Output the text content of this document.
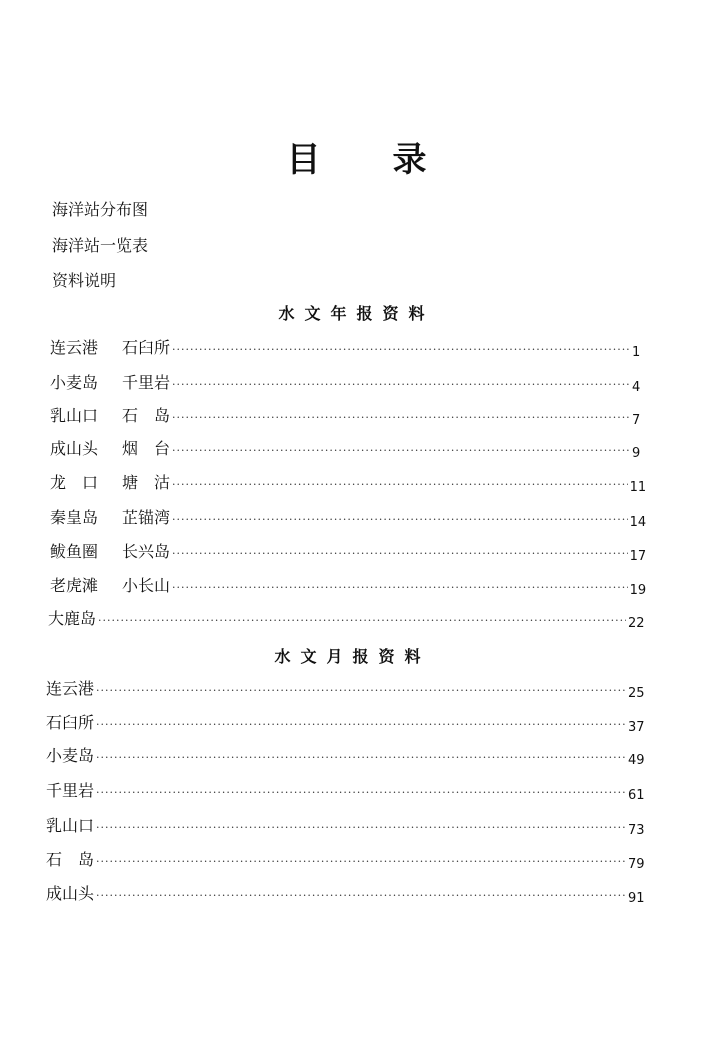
目 录
海洋站分布图
海洋站一览表
资料说明
水文年报资料
连云港 石臼所 ·····	1
小麦岛 千里岩 ·····	4
乳山口 石　岛 ·····	7
成山头 烟　台 ·····	9
龙　口 塘　沽 ·····	11
秦皇岛 芷锚湾 ·····	14
鲅鱼圈 长兴岛 ·····	17
老虎滩 小长山 ·····	19
大鹿岛 ·····	22
水文月报资料
连云港 ·····	25
石臼所 ·····	37
小麦岛 ·····	49
千里岩 ·····	61
乳山口 ·····	73
石　岛 ·····	79
成山头 ·····	91
